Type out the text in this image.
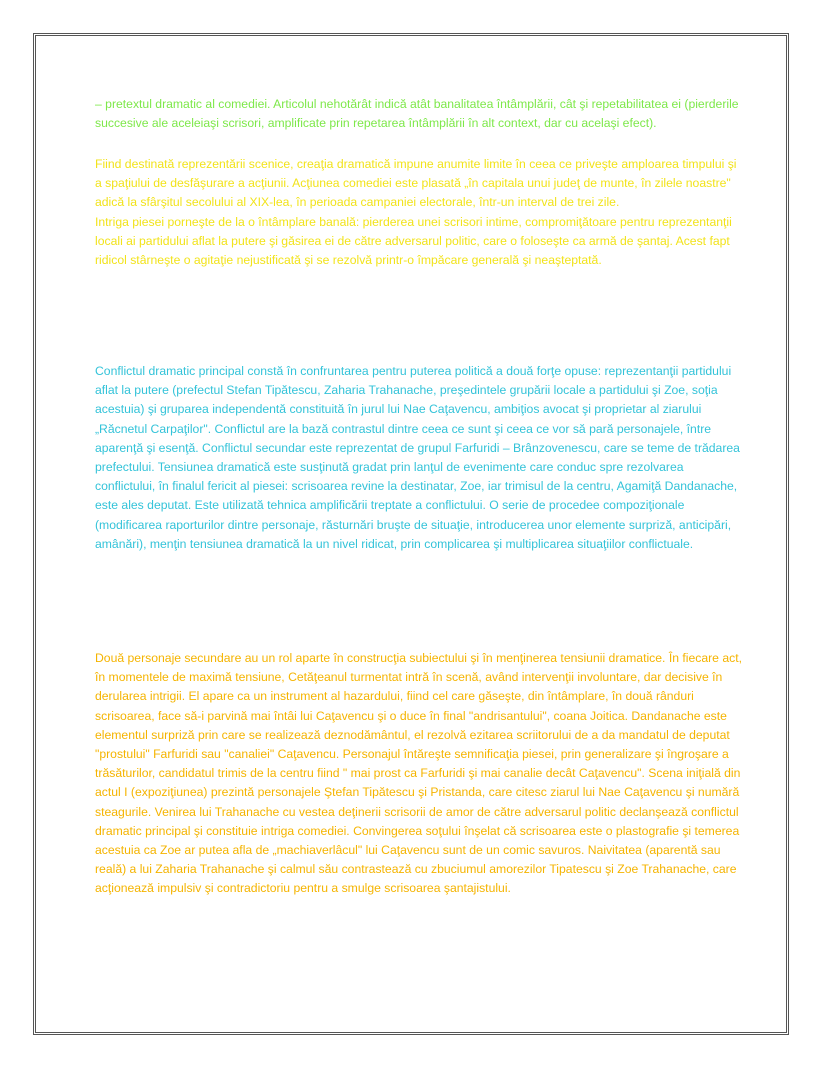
– pretextul dramatic al comediei. Articolul nehotărât indică atât banalitatea întâmplării, cât şi repetabilitatea ei (pierderile succesive ale aceleiaşi scrisori, amplificate prin repetarea întâmplării în alt context, dar cu acelaşi efect).

Fiind destinată reprezentării scenice, creaţia dramatică impune anumite limite în ceea ce priveşte amploarea timpului şi a spaţiului de desfăşurare a acţiunii. Acţiunea comediei este plasată „în capitala unui judeţ de munte, în zilele noastre" adică la sfârşitul secolului al XIX-lea, în perioada campaniei electorale, într-un interval de trei zile.

Intriga piesei porneşte de la o întâmplare banală: pierderea unei scrisori intime, compromiţătoare pentru reprezentanţii locali ai partidului aflat la putere şi găsirea ei de către adversarul politic, care o foloseşte ca armă de şantaj. Acest fapt ridicol stârneşte o agitaţie nejustificată şi se rezolvă printr-o împăcare generală şi neaşteptată.

Conflictul dramatic principal constă în confruntarea pentru puterea politică a două forţe opuse: reprezentanţii partidului aflat la putere (prefectul Stefan Tipătescu, Zaharia Trahanache, preşedintele grupării locale a partidului şi Zoe, soţia acestuia) şi gruparea independentă constituită în jurul lui Nae Caţavencu, ambiţios avocat şi proprietar al ziarului „Răcnetul Carpaţilor". Conflictul are la bază contrastul dintre ceea ce sunt şi ceea ce vor să pară personajele, între aparenţă şi esenţă. Conflictul secundar este reprezentat de grupul Farfuridi – Brânzovenescu, care se teme de trădarea prefectului. Tensiunea dramatică este susţinută gradat prin lanţul de evenimente care conduc spre rezolvarea conflictului, în finalul fericit al piesei: scrisoarea revine la destinatar, Zoe, iar trimisul de la centru, Agamiţă Dandanache, este ales deputat. Este utilizată tehnica amplificării treptate a conflictului. O serie de procedee compoziţionale (modificarea raporturilor dintre personaje, răsturnări bruşte de situaţie, introducerea unor elemente surpriză, anticipări, amânări), menţin tensiunea dramatică la un nivel ridicat, prin complicarea şi multiplicarea situaţiilor conflictuale.

Două personaje secundare au un rol aparte în construcţia subiectului şi în menţinerea tensiunii dramatice. În fiecare act, în momentele de maximă tensiune, Cetăţeanul turmentat intră în scenă, având intervenţii involuntare, dar decisive în derularea intrigii. El apare ca un instrument al hazardului, fiind cel care găseşte, din întâmplare, în două rânduri scrisoarea, face să-i parvină mai întâi lui Caţavencu şi o duce în final "andrisantului", coana Joitica. Dandanache este elementul surpriză prin care se realizează deznodământul, el rezolvă ezitarea scriitorului de a da mandatul de deputat "prostului" Farfuridi sau "canaliei" Caţavencu. Personajul întăreşte semnificaţia piesei, prin generalizare şi îngroşare a trăsăturilor, candidatul trimis de la centru fiind " mai prost ca Farfuridi şi mai canalie decât Caţavencu". Scena iniţială din actul I (expoziţiunea) prezintă personajele Ştefan Tipătescu şi Pristanda, care citesc ziarul lui Nae Caţavencu şi numără steagurile. Venirea lui Trahanache cu vestea deţinerii scrisorii de amor de către adversarul politic declanşează conflictul dramatic principal şi constituie intriga comediei. Convingerea soţului înşelat că scrisoarea este o plastografie şi temerea acestuia ca Zoe ar putea afla de „machiaverlâcul" lui Caţavencu sunt de un comic savuros. Naivitatea (aparentă sau reală) a lui Zaharia Trahanache şi calmul său contrastează cu zbuciumul amorezilor Tipatescu şi Zoe Trahanache, care acţionează impulsiv şi contradictoriu pentru a smulge scrisoarea şantajistului.
